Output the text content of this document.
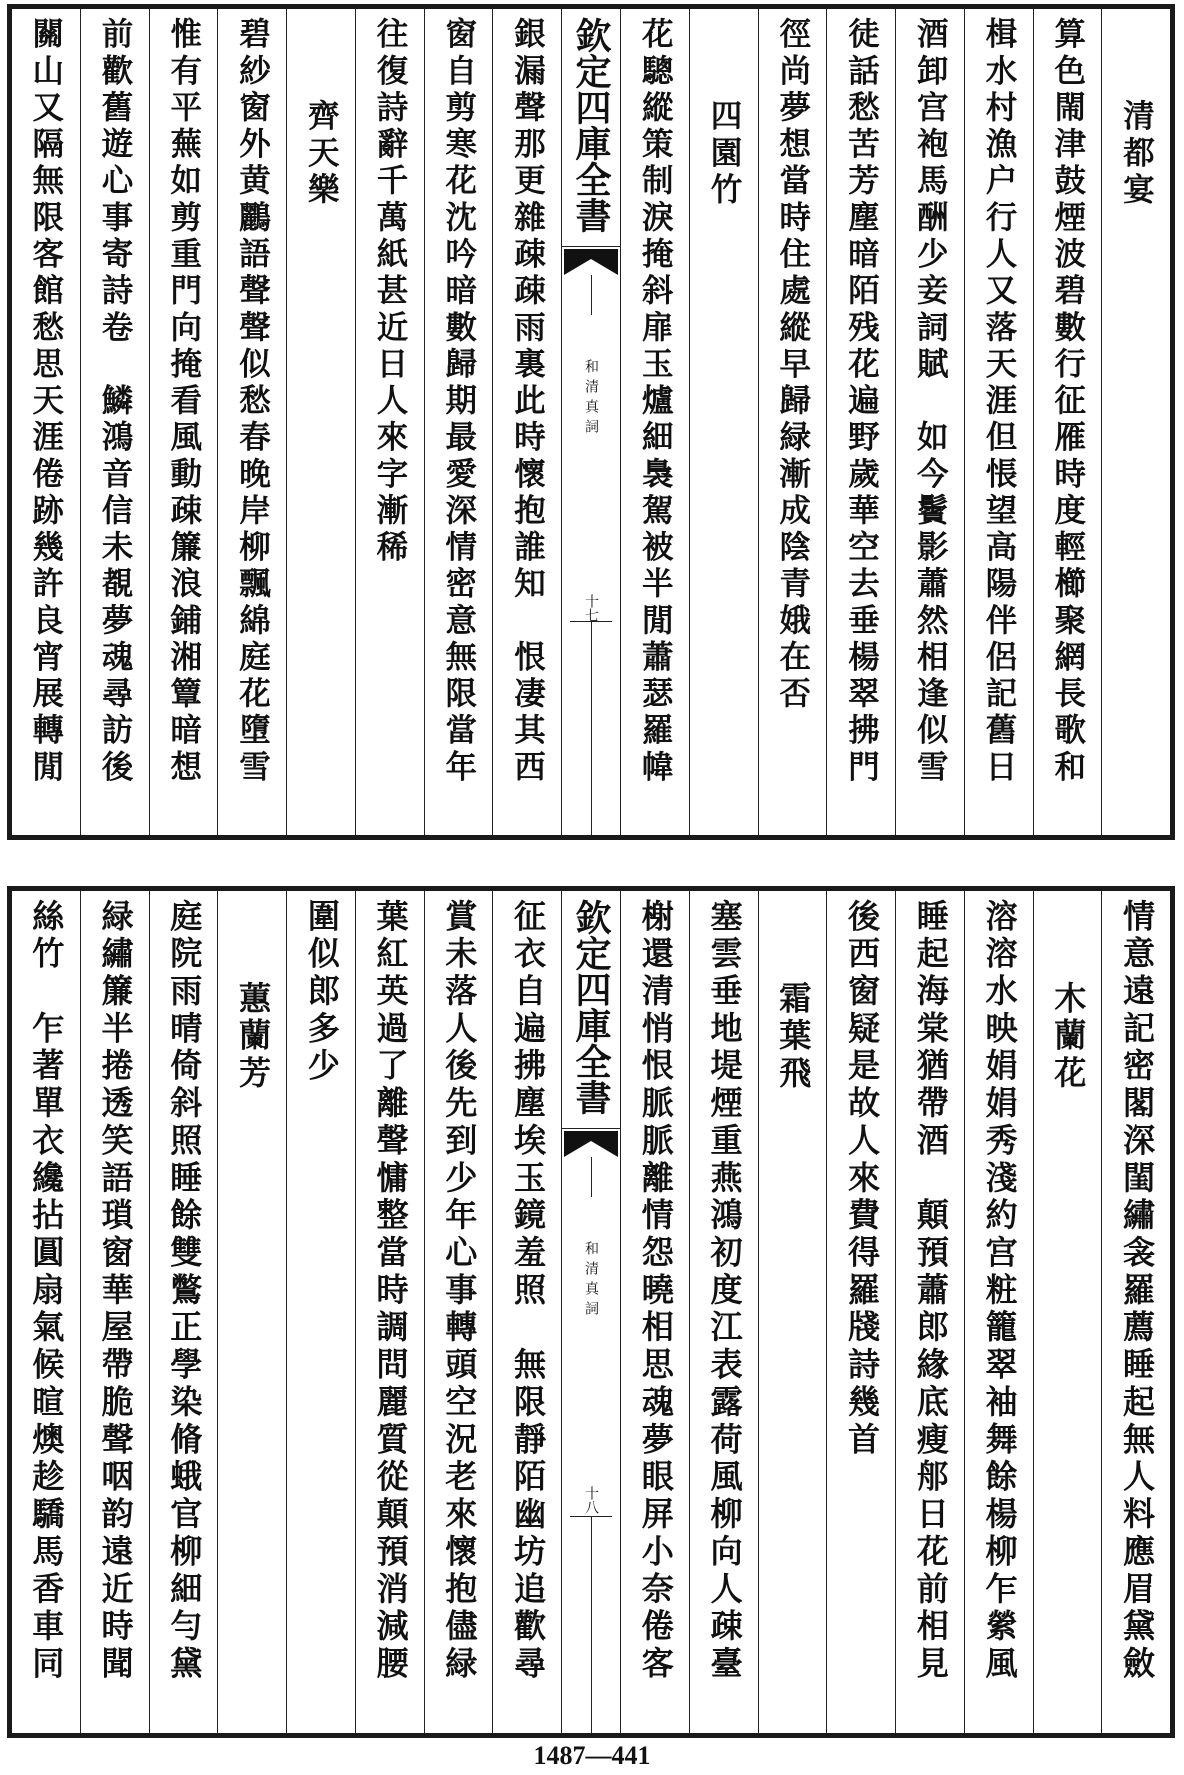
清都宴
算色閙津鼓煙波碧數行征雁時度輕櫛聚網長歌和
楫水村漁户行人又落天涯但悵望高陽伴侶記舊日
酒卸宫袍馬酬少妾詞賦　如今鬢影蕭然相逢似雪
徒話愁苦芳塵暗陌残花遍野歲華空去垂楊翠拂門
徑尚夢想當時住處縱早歸緑漸成陰青娥在否
四園竹
花驄縱策制淚掩斜扉玉爐細裊駕被半閒蕭瑟羅幃
欽定四庫全書
和清真詞
十七
銀漏聲那更雜疎疎雨裏此時懷抱誰知　恨凄其西
窗自剪寒花沈吟暗數歸期最愛深情密意無限當年
往復詩辭千萬紙甚近日人來字漸稀
齊天樂
碧紗窗外黄鸝語聲聲似愁春晚岸柳飄綿庭花墮雪
惟有平蕪如剪重門向掩看風動疎簾浪鋪湘簟暗想
前歡舊遊心事寄詩卷　鱗鴻音信未覩夢魂尋訪後
關山又隔無限客館愁思天涯倦跡幾許良宵展轉閒
情意遠記密閣深閨繡衾羅薦睡起無人料應眉黛斂
木蘭花
溶溶水映娟娟秀淺約宫粧籠翠袖舞餘楊柳乍縈風
睡起海棠猶帶酒　顛預蕭郎緣底瘦郍日花前相見
後西窗疑是故人來費得羅牋詩幾首
霜葉飛
塞雲垂地堤煙重燕鴻初度江表露荷風柳向人疎臺
榭還清悄恨脈脈離情怨曉相思魂夢眼屏小奈倦客
欽定四庫全書
和清真詞
十八
征衣自遍拂塵埃玉鏡羞照　無限靜陌幽坊追歡尋
賞未落人後先到少年心事轉頭空況老來懷抱儘緑
葉紅英過了離聲慵整當時調問麗質從顛預消減腰
圍似郎多少
蕙蘭芳
庭院雨晴倚斜照睡餘雙鷩正學染脩蛾官柳細勻黛
緑繡簾半捲透笑語瑣窗華屋帶脆聲咽韵遠近時聞
絲竹　乍著單衣纔拈圓扇氣候暄燠趁驕馬香車同
1487—441
